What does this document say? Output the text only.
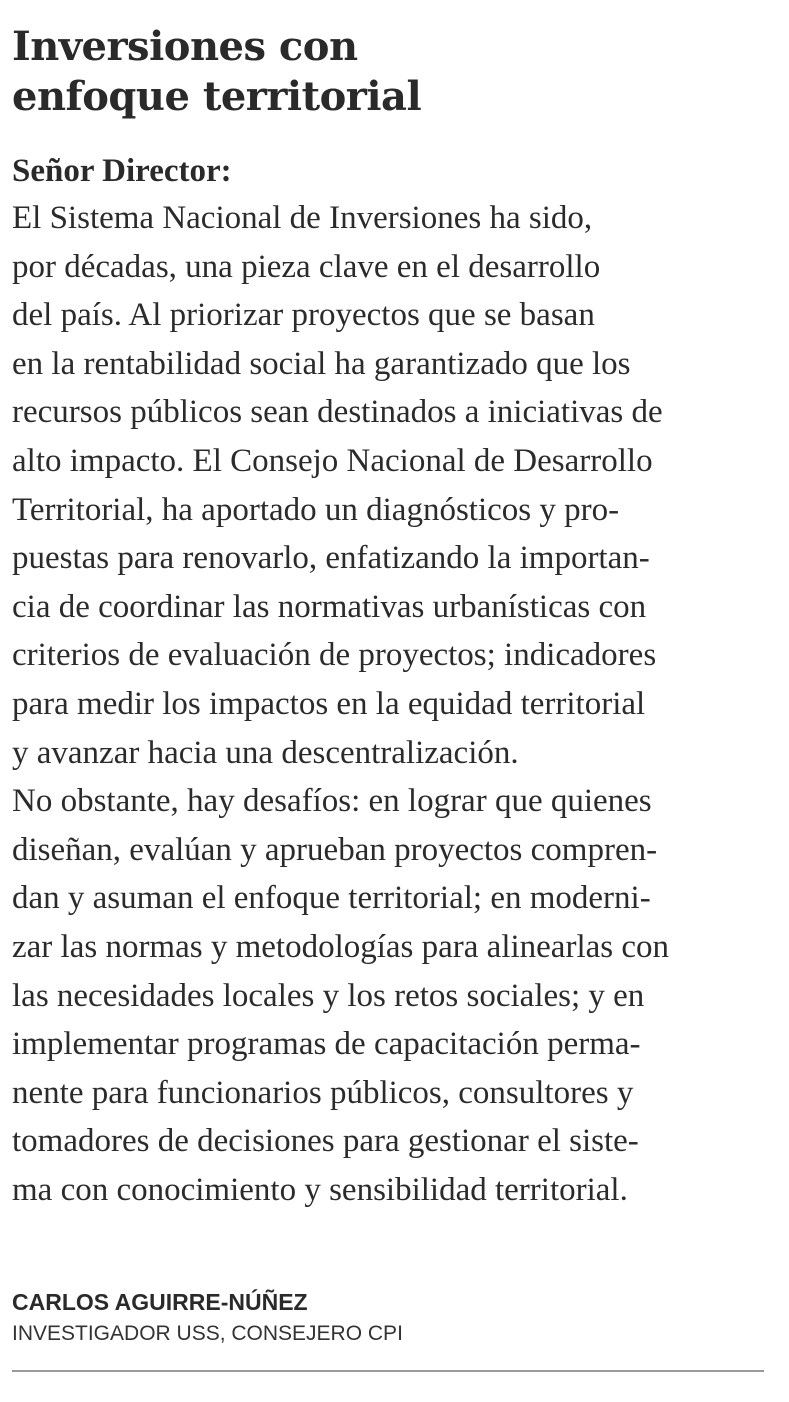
Inversiones con
enfoque territorial
Señor Director:

El Sistema Nacional de Inversiones ha sido,

por décadas, una pieza clave en el desarrollo

del país. Al priorizar proyectos que se basan

en la rentabilidad social ha garantizado que los

recursos públicos sean destinados a iniciativas de

alto impacto. El Consejo Nacional de Desarrollo

Territorial, ha aportado un diagnósticos y pro-

puestas para renovarlo, enfatizando la importan-

cia de coordinar las normativas urbanísticas con

criterios de evaluación de proyectos; indicadores

para medir los impactos en la equidad territorial

y avanzar hacia una descentralización.

No obstante, hay desafíos: en lograr que quienes

diseñan, evalúan y aprueban proyectos compren-

dan y asuman el enfoque territorial; en moderni-

zar las normas y metodologías para alinearlas con

las necesidades locales y los retos sociales; y en

implementar programas de capacitación perma-

nente para funcionarios públicos, consultores y

tomadores de decisiones para gestionar el siste-

ma con conocimiento y sensibilidad territorial.

CARLOS AGUIRRE-NÚÑEZ
INVESTIGADOR USS, CONSEJERO CPI
